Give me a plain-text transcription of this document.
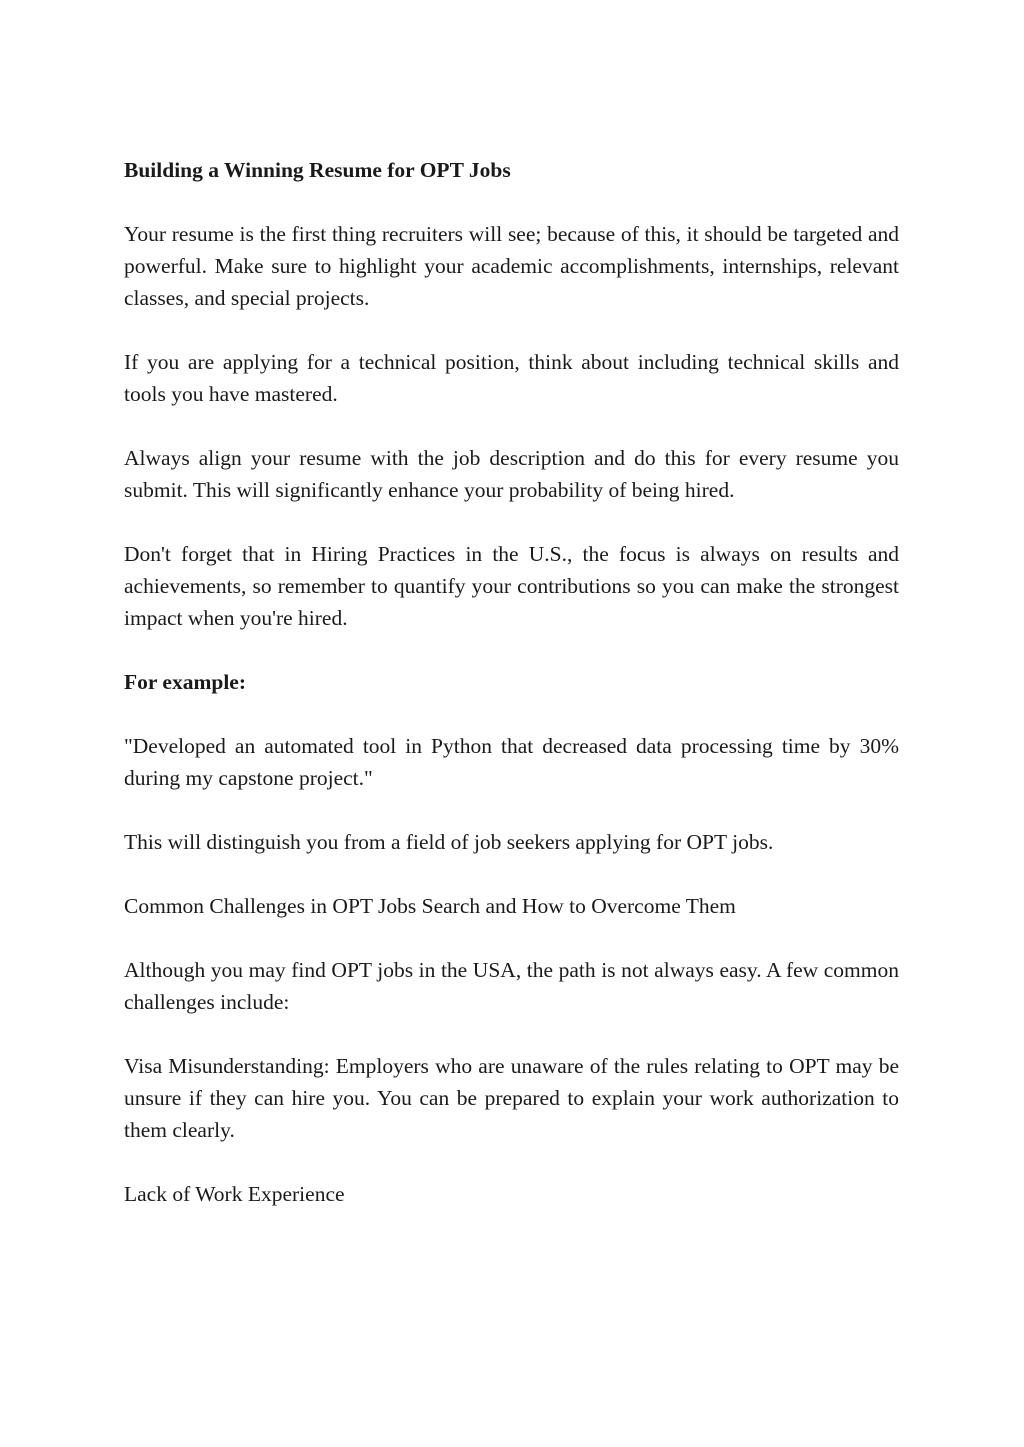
Building a Winning Resume for OPT Jobs

Your resume is the first thing recruiters will see; because of this, it should be targeted and powerful. Make sure to highlight your academic accomplishments, internships, relevant classes, and special projects.

If you are applying for a technical position, think about including technical skills and tools you have mastered.

Always align your resume with the job description and do this for every resume you submit. This will significantly enhance your probability of being hired.

Don't forget that in Hiring Practices in the U.S., the focus is always on results and achievements, so remember to quantify your contributions so you can make the strongest impact when you're hired.

For example:

"Developed an automated tool in Python that decreased data processing time by 30% during my capstone project."

This will distinguish you from a field of job seekers applying for OPT jobs.

Common Challenges in OPT Jobs Search and How to Overcome Them

Although you may find OPT jobs in the USA, the path is not always easy. A few common challenges include:

Visa Misunderstanding: Employers who are unaware of the rules relating to OPT may be unsure if they can hire you. You can be prepared to explain your work authorization to them clearly.

Lack of Work Experience
